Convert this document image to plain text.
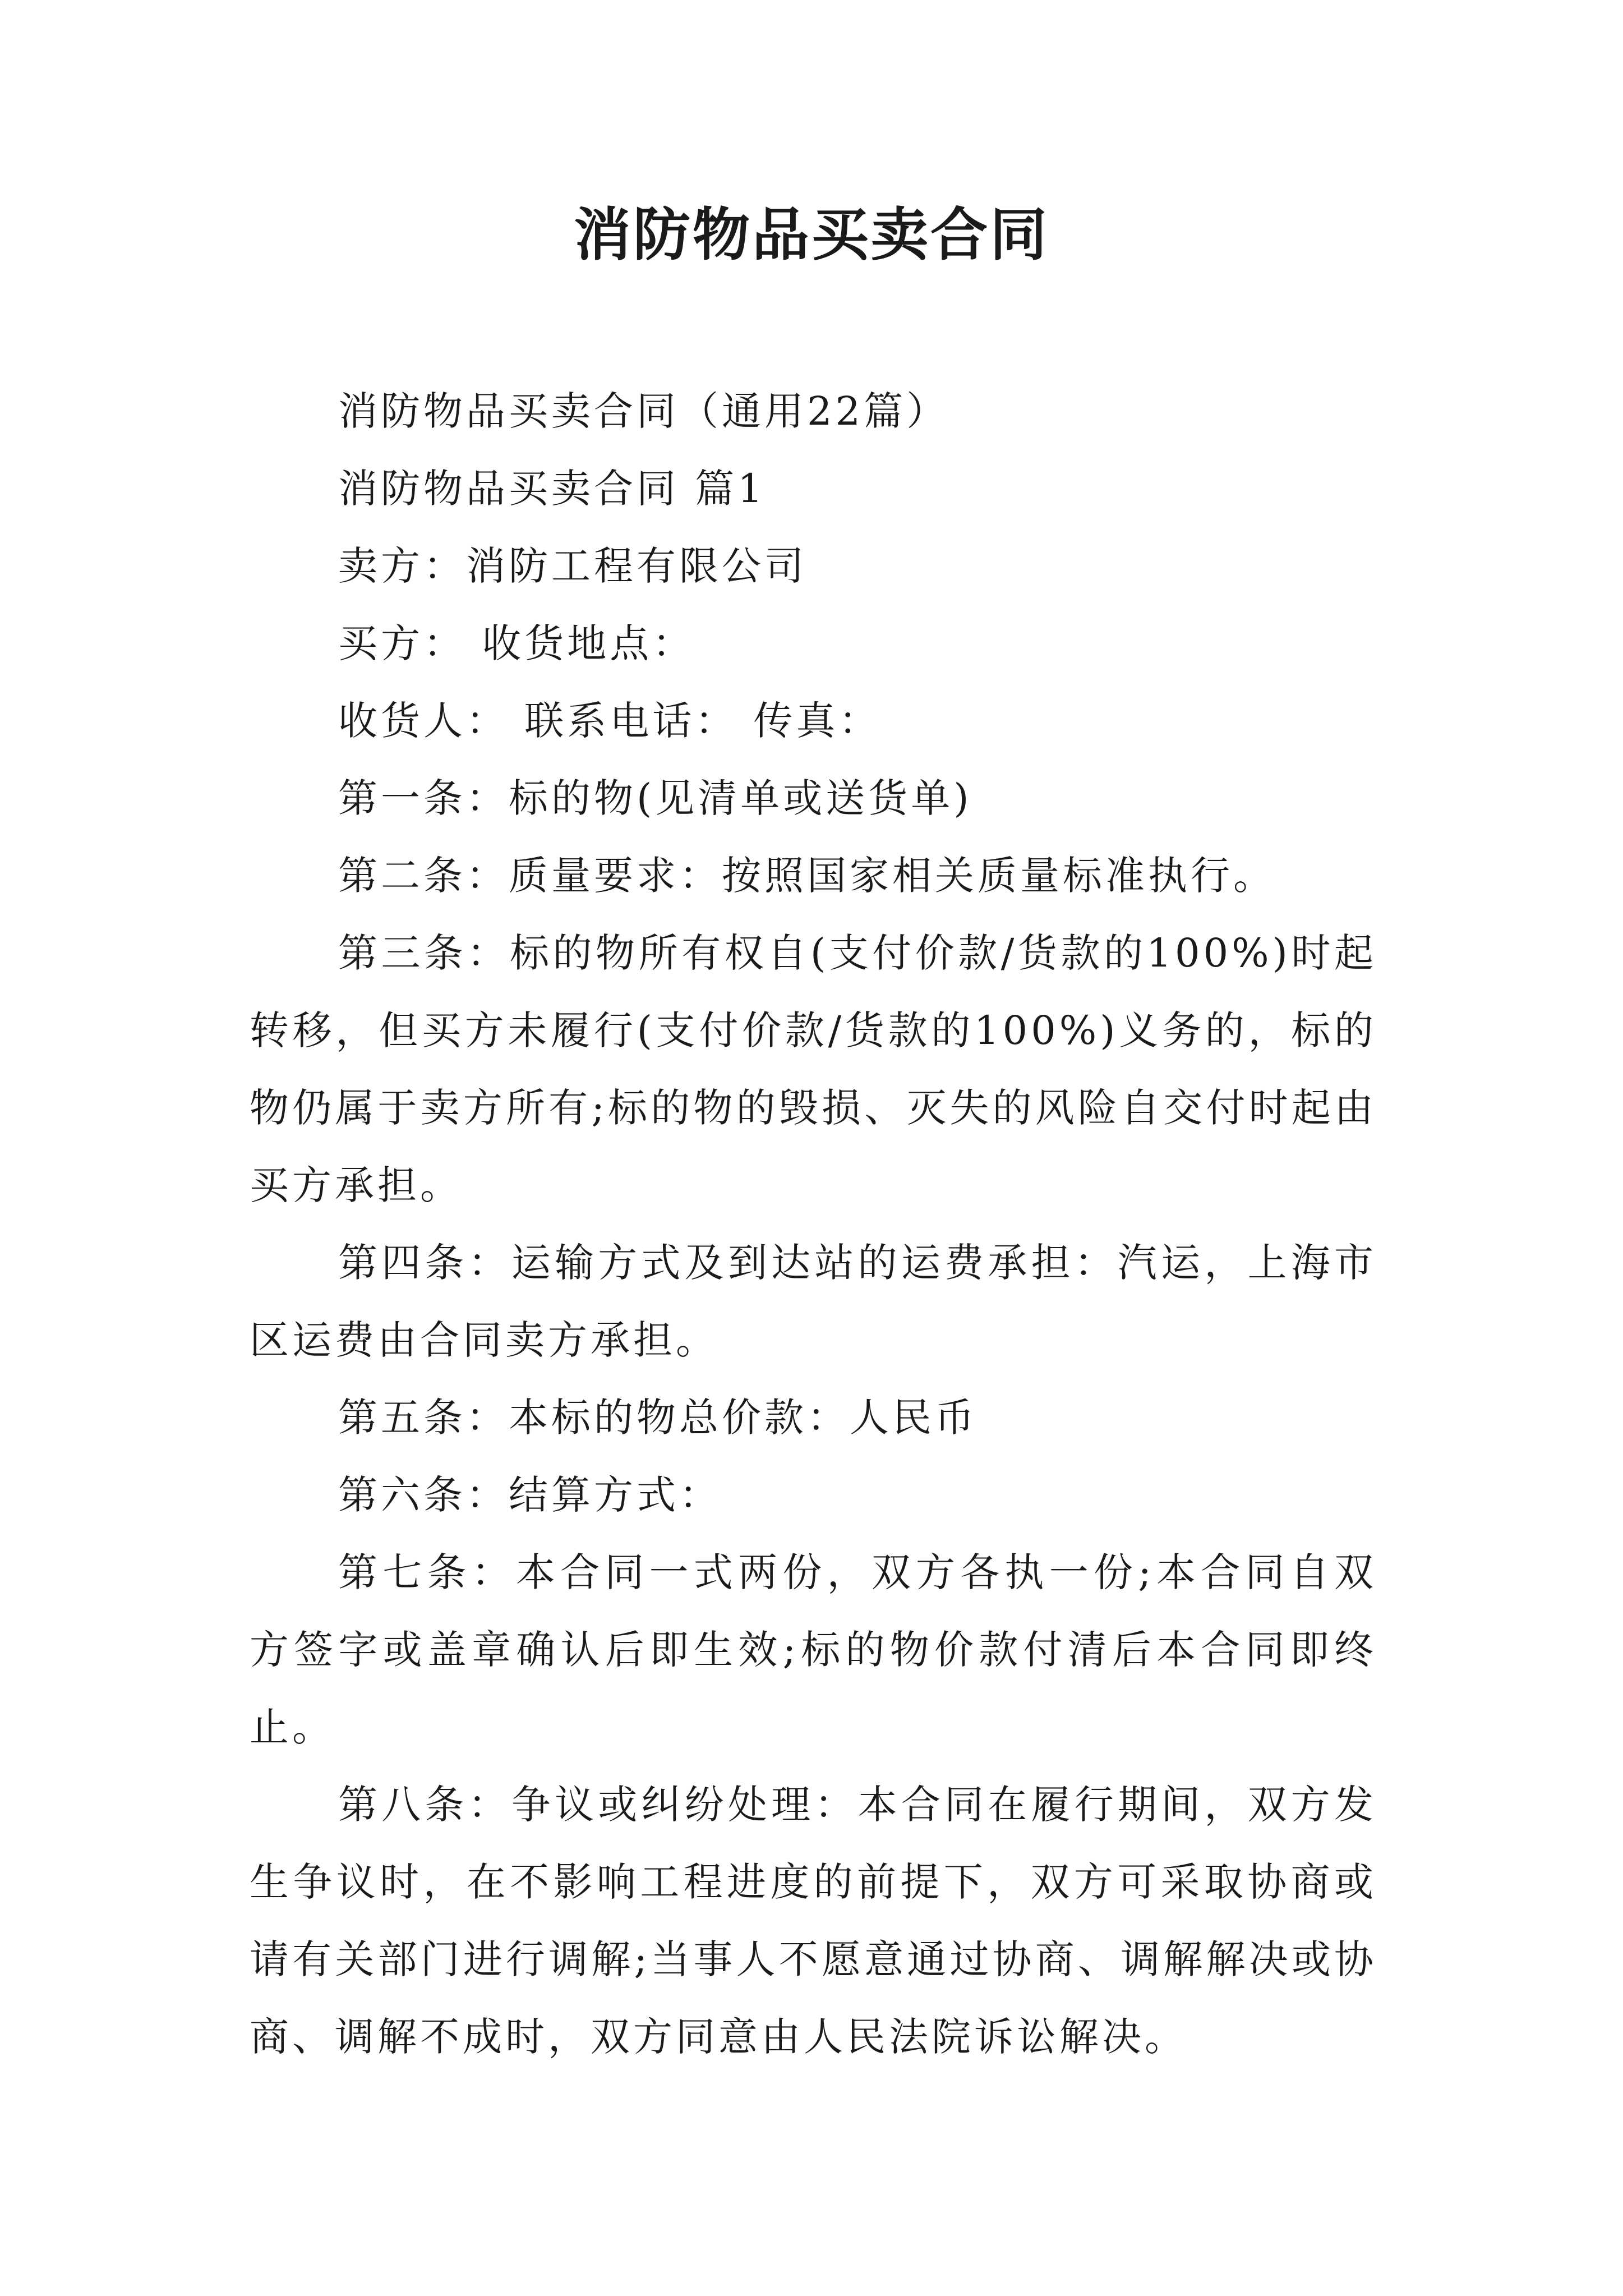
消防物品买卖合同

消防物品买卖合同（通用22篇）

消防物品买卖合同 篇1

卖方：消防工程有限公司

买方： 收货地点：

收货人： 联系电话： 传真：

第一条：标的物(见清单或送货单)

第二条：质量要求：按照国家相关质量标准执行。

第三条：标的物所有权自(支付价款/货款的100%)时起转移，但买方未履行(支付价款/货款的100%)义务的，标的物仍属于卖方所有;标的物的毁损、灭失的风险自交付时起由买方承担。

第四条：运输方式及到达站的运费承担：汽运，上海市区运费由合同卖方承担。

第五条：本标的物总价款：人民币

第六条：结算方式：

第七条：本合同一式两份，双方各执一份;本合同自双方签字或盖章确认后即生效;标的物价款付清后本合同即终止。

第八条：争议或纠纷处理：本合同在履行期间，双方发生争议时，在不影响工程进度的前提下，双方可采取协商或请有关部门进行调解;当事人不愿意通过协商、调解解决或协商、调解不成时，双方同意由人民法院诉讼解决。
